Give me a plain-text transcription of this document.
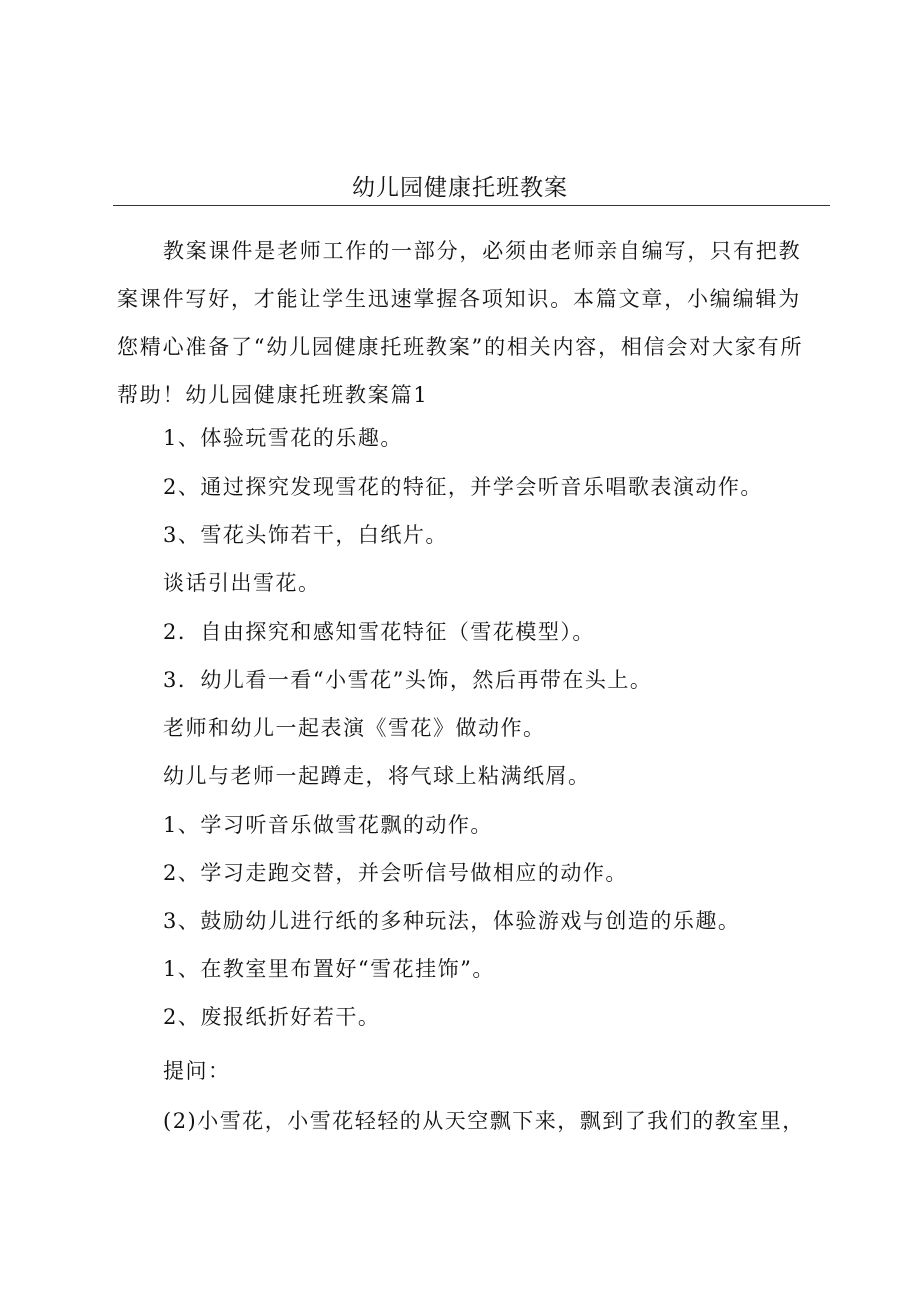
幼儿园健康托班教案

教案课件是老师工作的一部分，必须由老师亲自编写，只有把教案课件写好，才能让学生迅速掌握各项知识。本篇文章，小编编辑为您精心准备了“幼儿园健康托班教案”的相关内容，相信会对大家有所帮助！幼儿园健康托班教案篇1

1、体验玩雪花的乐趣。

2、通过探究发现雪花的特征，并学会听音乐唱歌表演动作。

3、雪花头饰若干，白纸片。

谈话引出雪花。

2．自由探究和感知雪花特征（雪花模型）。

3．幼儿看一看“小雪花”头饰，然后再带在头上。

老师和幼儿一起表演《雪花》做动作。

幼儿与老师一起蹲走，将气球上粘满纸屑。

1、学习听音乐做雪花飘的动作。

2、学习走跑交替，并会听信号做相应的动作。

3、鼓励幼儿进行纸的多种玩法，体验游戏与创造的乐趣。

1、在教室里布置好“雪花挂饰”。

2、废报纸折好若干。

提问：

(2)小雪花，小雪花轻轻的从天空飘下来，飘到了我们的教室里，
